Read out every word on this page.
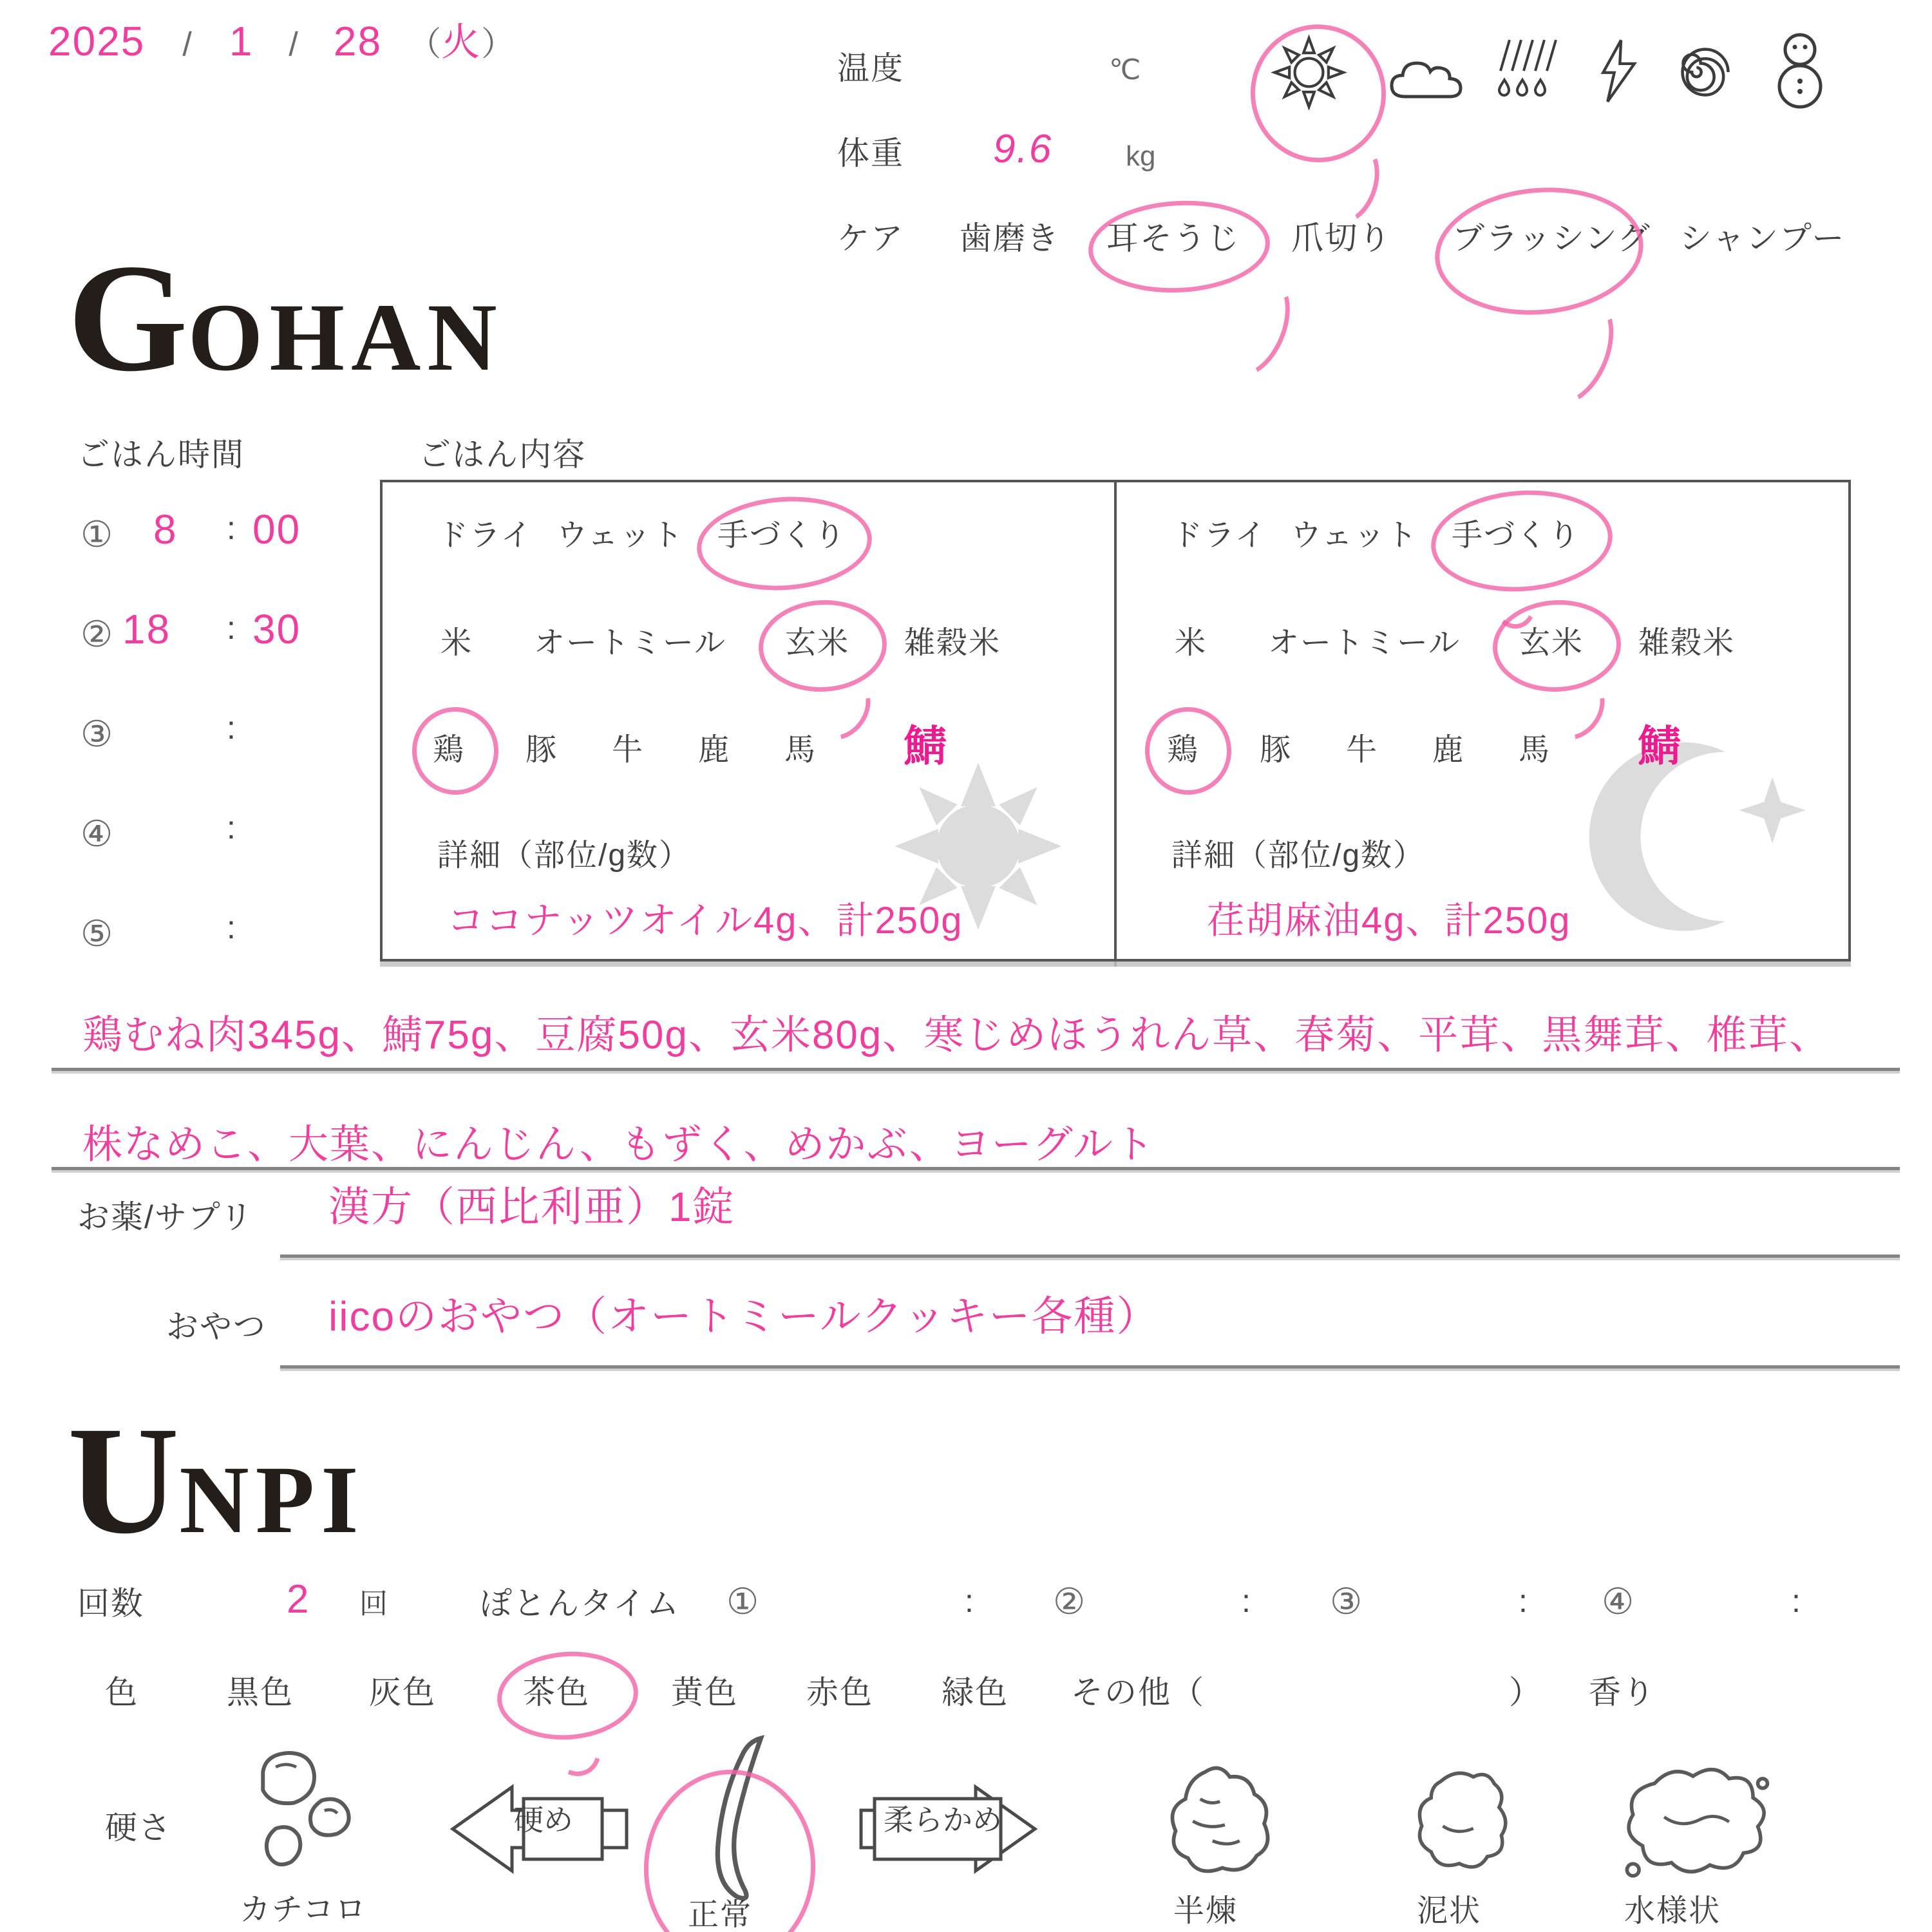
2025 / 1 / 28 （ 火 ）
温度	℃
体重 9.6	kg
ケア 歯磨き 耳そうじ 爪切り ブラッシング シャンプー
G OHAN
ごはん時間	ごはん内容
① 8 : 00
② 18 : 30
③	:
④	:
⑤	:
ドライ ウェット 手づくり
米 オートミール 玄米 雑穀米
鶏 豚 牛 鹿 馬 鯖
詳細（部位/g数）
ココナッツオイル4g、計250g
ドライ ウェット 手づくり
米 オートミール 玄米 雑穀米
鶏 豚 牛 鹿 馬 鯖
詳細（部位/g数）
荏胡麻油4g、計250g
鶏むね肉345g、鯖75g、豆腐50g、玄米80g、寒じめほうれん草、春菊、平茸、黒舞茸、椎茸、
株なめこ、大葉、にんじん、もずく、めかぶ、ヨーグルト
お薬/サプリ 漢方（西比利亜）1錠
おやつ iicoのおやつ（オートミールクッキー各種）
U NPI
回数	2 回	ぽとんタイム ①	: ②	: ③	: ④	:
色	黒色 灰色	茶色	黄色 赤色 緑色 その他（	） 香り
硬さ
カチコロ
硬め
正常
柔らかめ
半煉	泥状	水様状
